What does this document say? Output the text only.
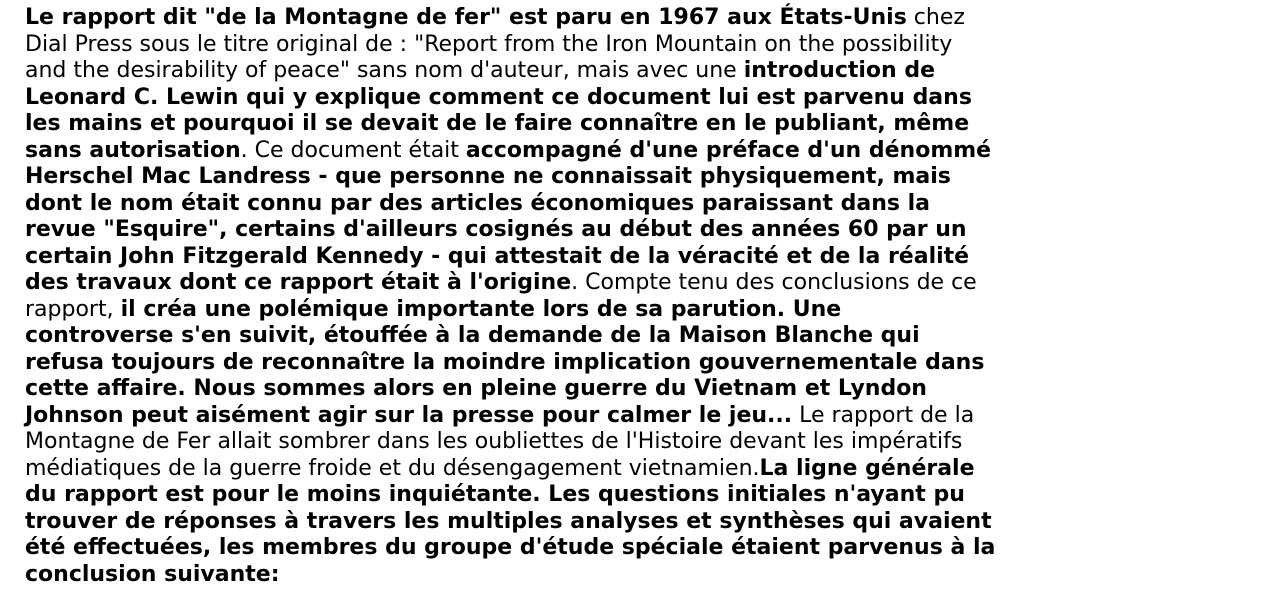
Le rapport dit "de la Montagne de fer" est paru en 1967 aux États-Unis chez
Dial Press sous le titre original de : "Report from the Iron Mountain on the possibility
and the desirability of peace" sans nom d'auteur, mais avec une introduction de
Leonard C. Lewin qui y explique comment ce document lui est parvenu dans
les mains et pourquoi il se devait de le faire connaître en le publiant, même
sans autorisation. Ce document était accompagné d'une préface d'un dénommé
Herschel Mac Landress - que personne ne connaissait physiquement, mais
dont le nom était connu par des articles économiques paraissant dans la
revue "Esquire", certains d'ailleurs cosignés au début des années 60 par un
certain John Fitzgerald Kennedy - qui attestait de la véracité et de la réalité
des travaux dont ce rapport était à l'origine. Compte tenu des conclusions de ce
rapport, il créa une polémique importante lors de sa parution. Une
controverse s'en suivit, étouffée à la demande de la Maison Blanche qui
refusa toujours de reconnaître la moindre implication gouvernementale dans
cette affaire. Nous sommes alors en pleine guerre du Vietnam et Lyndon
Johnson peut aisément agir sur la presse pour calmer le jeu... Le rapport de la
Montagne de Fer allait sombrer dans les oubliettes de l'Histoire devant les impératifs
médiatiques de la guerre froide et du désengagement vietnamien.La ligne générale
du rapport est pour le moins inquiétante. Les questions initiales n'ayant pu
trouver de réponses à travers les multiples analyses et synthèses qui avaient
été effectuées, les membres du groupe d'étude spéciale étaient parvenus à la
conclusion suivante:
